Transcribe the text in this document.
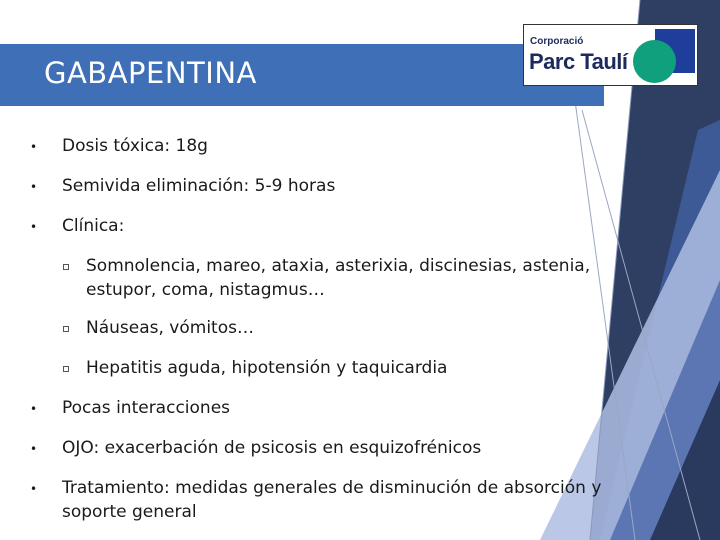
GABAPENTINA
Corporació
Parc Taulí
• Dosis tóxica: 18g
• Semivida eliminación: 5-9 horas
• Clínica:
Somnolencia, mareo, ataxia, asterixia, discinesias, astenia,
estupor, coma, nistagmus…
Náuseas, vómitos…
Hepatitis aguda, hipotensión y taquicardia
• Pocas interacciones
• OJO: exacerbación de psicosis en esquizofrénicos
• Tratamiento: medidas generales de disminución de absorción y
soporte general
